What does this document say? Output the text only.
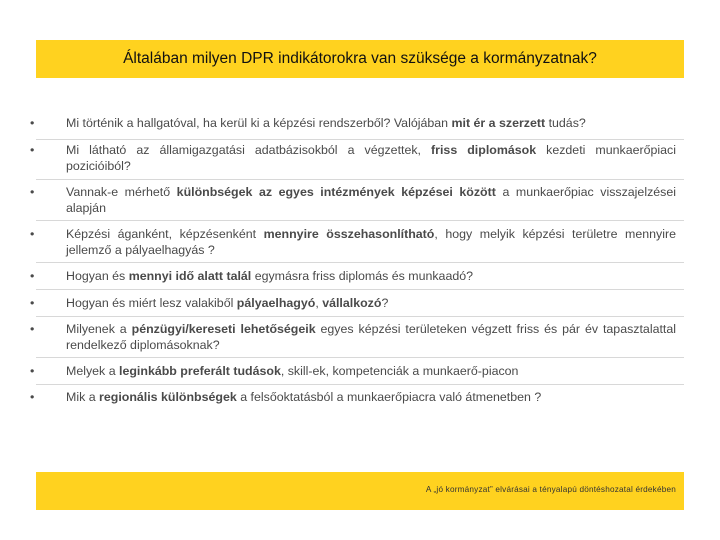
Általában milyen DPR indikátorokra van szüksége a kormányzatnak?
•	Mi történik a hallgatóval, ha kerül ki a képzési rendszerből? Valójában mit ér a szerzett tudás?
•	Mi látható az államigazgatási adatbázisokból a végzettek, friss diplomások kezdeti munkaerőpiaci pozicióiból?
•	Vannak-e mérhető különbségek az egyes intézmények képzései között a munkaerőpiac visszajelzései alapján
•	Képzési áganként, képzésenként mennyire összehasonlítható, hogy melyik képzési területre mennyire jellemző a pályaelhagyás ?
•	Hogyan és mennyi idő alatt talál egymásra friss diplomás és munkaadó?
•	Hogyan és miért lesz valakiből pályaelhagyó, vállalkozó?
•	Milyenek a pénzügyi/kereseti lehetőségeik egyes képzési területeken végzett friss és pár év tapasztalattal rendelkező diplomásoknak?
•	Melyek a leginkább preferált tudások, skill-ek, kompetenciák a munkaerő-piacon
•	Mik a regionális különbségek a felsőoktatásból a munkaerőpiacra való átmenetben ?
A „jó kormányzat” elvárásai a tényalapú döntéshozatal érdekében
